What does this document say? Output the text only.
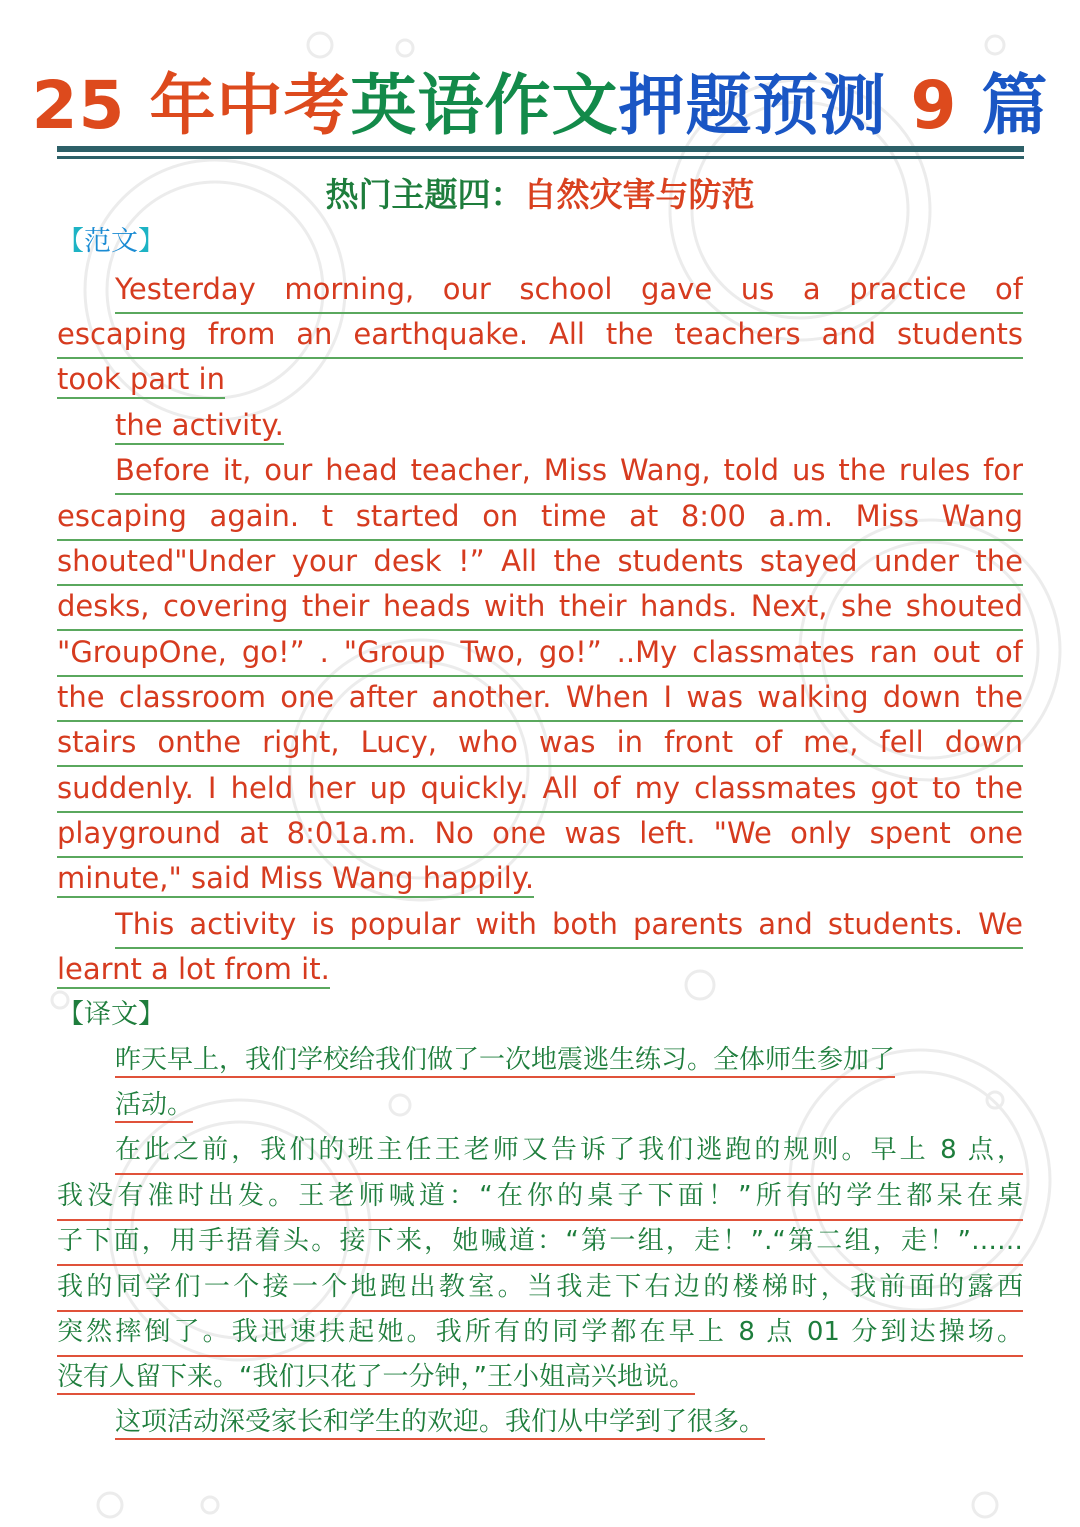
25 年中考英语作文押题预测 9 篇
热门主题四：自然灾害与防范
【范文】
Yesterday morning, our school gave us a practice of
escaping from an earthquake. All the teachers and students
took part in
the activity.
Before it, our head teacher, Miss Wang, told us the rules for
escaping again. t started on time at 8:00 a.m. Miss Wang
shouted"Under your desk !” All the students stayed under the
desks, covering their heads with their hands. Next, she shouted
"GroupOne, go!” . "Group Two, go!” ..My classmates ran out of
the classroom one after another. When I was walking down the
stairs onthe right, Lucy, who was in front of me, fell down
suddenly. I held her up quickly. All of my classmates got to the
playground at 8:01a.m. No one was left. "We only spent one
minute," said Miss Wang happily.
This activity is popular with both parents and students. We
learnt a lot from it.
【译文】
昨天早上，我们学校给我们做了一次地震逃生练习。全体师生参加了
活动。
在此之前，我们的班主任王老师又告诉了我们逃跑的规则。早上 8 点，
我没有准时出发。王老师喊道：“在你的桌子下面！”所有的学生都呆在桌
子下面，用手捂着头。接下来，她喊道：“第一组，走！”.“第二组，走！”……
我的同学们一个接一个地跑出教室。当我走下右边的楼梯时，我前面的露西
突然摔倒了。我迅速扶起她。我所有的同学都在早上 8 点 01 分到达操场。
没有人留下来。“我们只花了一分钟，”王小姐高兴地说。
这项活动深受家长和学生的欢迎。我们从中学到了很多。
